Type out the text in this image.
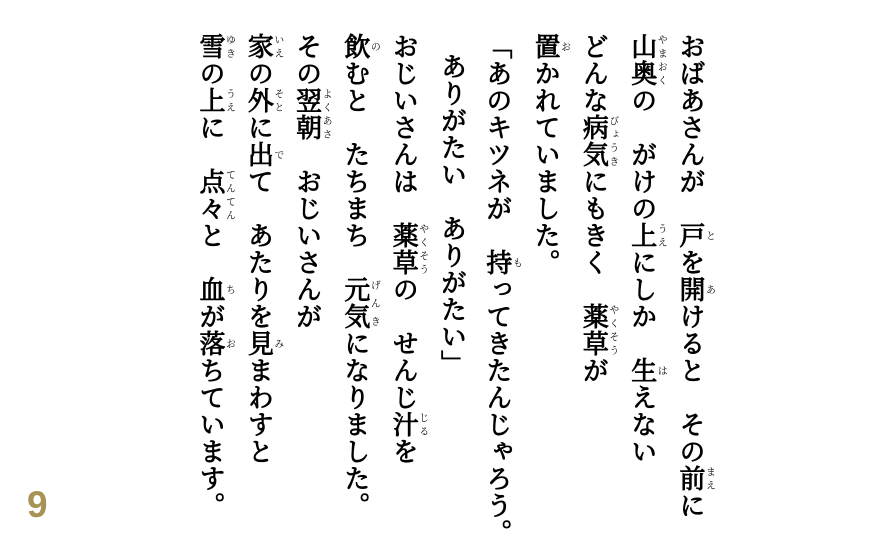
おばあさんが　戸とを開あけると　その前まえに

山奥やまおくの　がけの上うえにしか　生はえない

どんな病気びょうきにもきく　薬草やくそうが

置おかれていました。

「あのキツネが　持もってきたんじゃろう。

ありがたい　ありがたい」

おじいさんは　薬草やくそうの　せんじ汁じるを

飲のむと　たちまち　元気げんきになりました。

その翌朝よくあさ　おじいさんが

家いえの外そとに出でて　あたりを見みまわすと

雪ゆきの上うえに　点々てんてんと　血ちが落おちています。

9
